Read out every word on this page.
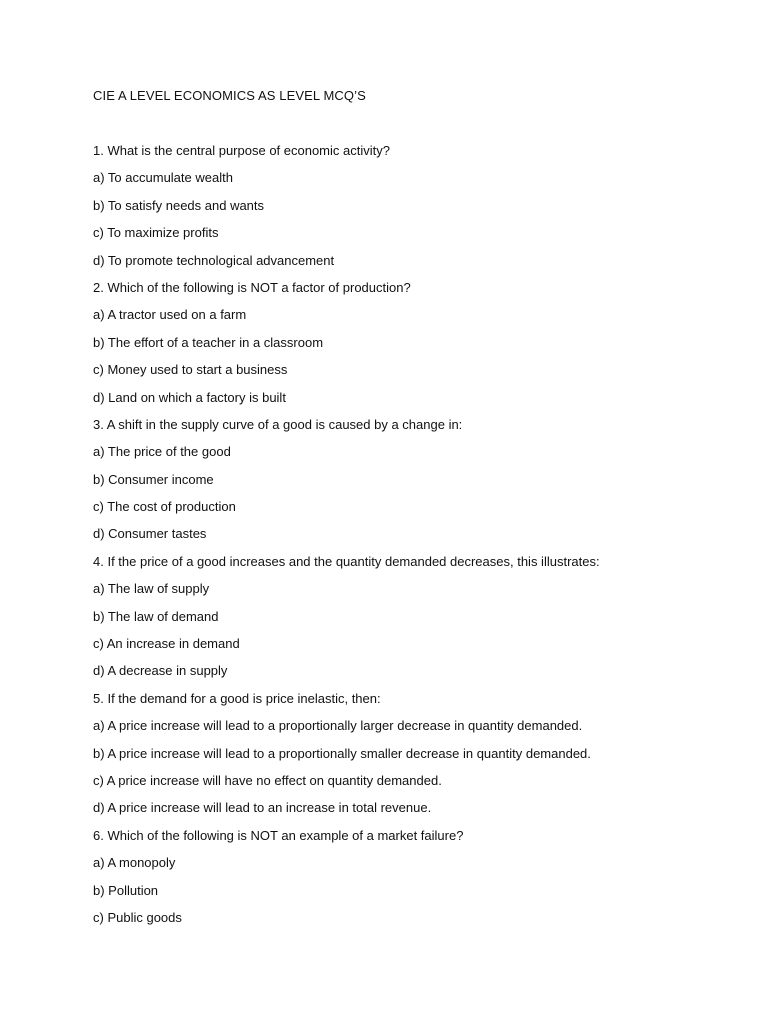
CIE A LEVEL ECONOMICS AS LEVEL MCQ’S
1. What is the central purpose of economic activity?
a) To accumulate wealth
b) To satisfy needs and wants
c) To maximize profits
d) To promote technological advancement
2. Which of the following is NOT a factor of production?
a) A tractor used on a farm
b) The effort of a teacher in a classroom
c) Money used to start a business
d) Land on which a factory is built
3. A shift in the supply curve of a good is caused by a change in:
a) The price of the good
b) Consumer income
c) The cost of production
d) Consumer tastes
4. If the price of a good increases and the quantity demanded decreases, this illustrates:
a) The law of supply
b) The law of demand
c) An increase in demand
d) A decrease in supply
5. If the demand for a good is price inelastic, then:
a) A price increase will lead to a proportionally larger decrease in quantity demanded.
b) A price increase will lead to a proportionally smaller decrease in quantity demanded.
c) A price increase will have no effect on quantity demanded.
d) A price increase will lead to an increase in total revenue.
6. Which of the following is NOT an example of a market failure?
a) A monopoly
b) Pollution
c) Public goods
